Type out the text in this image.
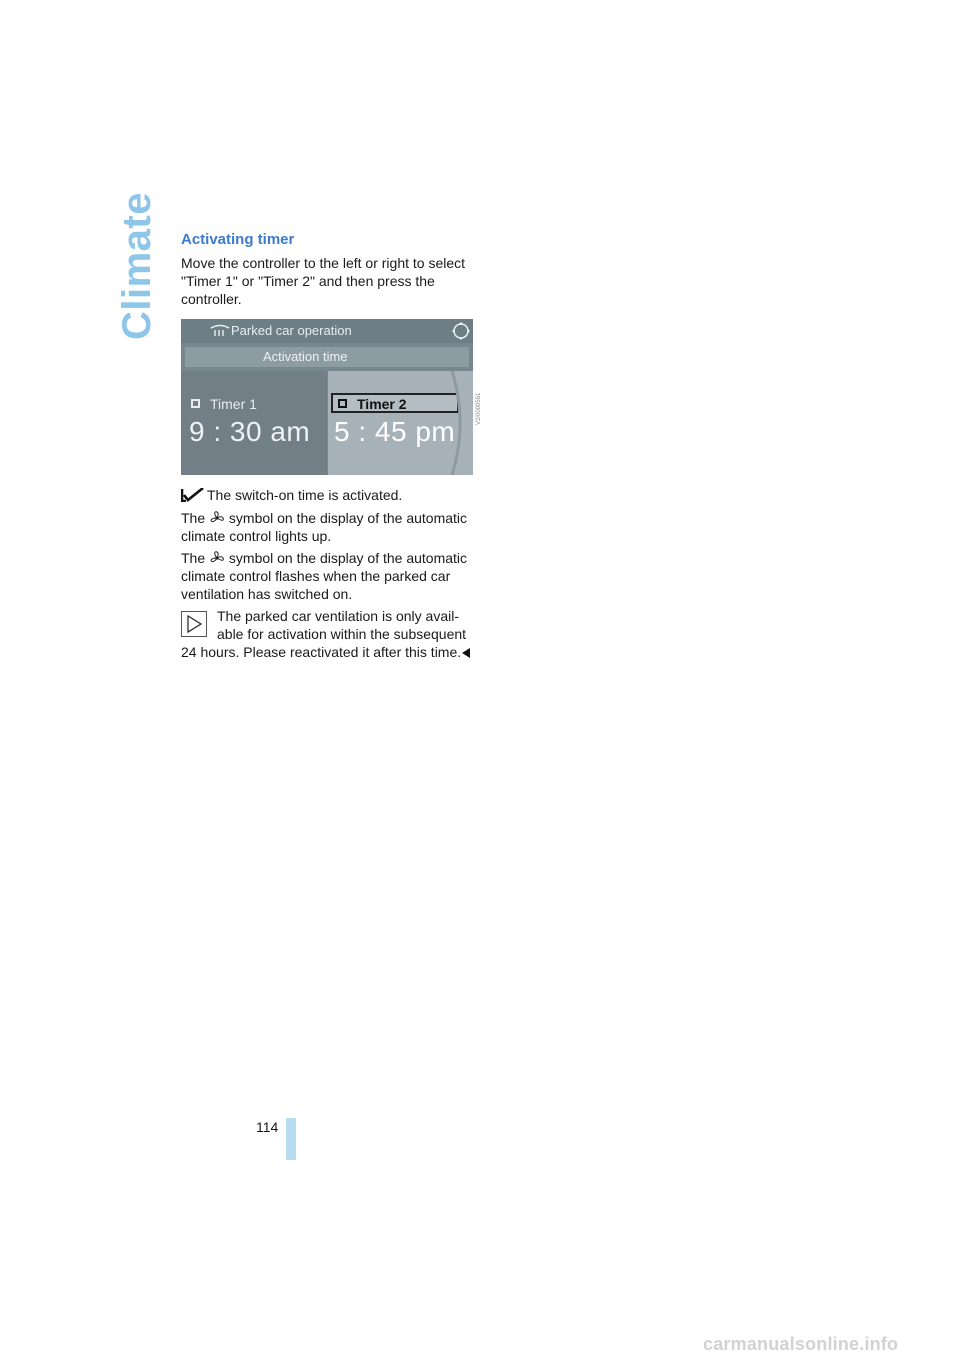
Climate Activating timer
Move the controller to the left or right to select "Timer 1" or "Timer 2" and then press the controller.
Parked car operation
Activation time
Timer 1
9 : 30 am
Timer 2
5 : 45 pm
V2/0000551
The switch-on time is activated.
The symbol on the display of the automatic climate control lights up.
The symbol on the display of the automatic climate control flashes when the parked car ventilation has switched on.
The parked car ventilation is only avail-
able for activation within the subsequent
24 hours. Please reactivated it after this time.
114
carmanualsonline.info
